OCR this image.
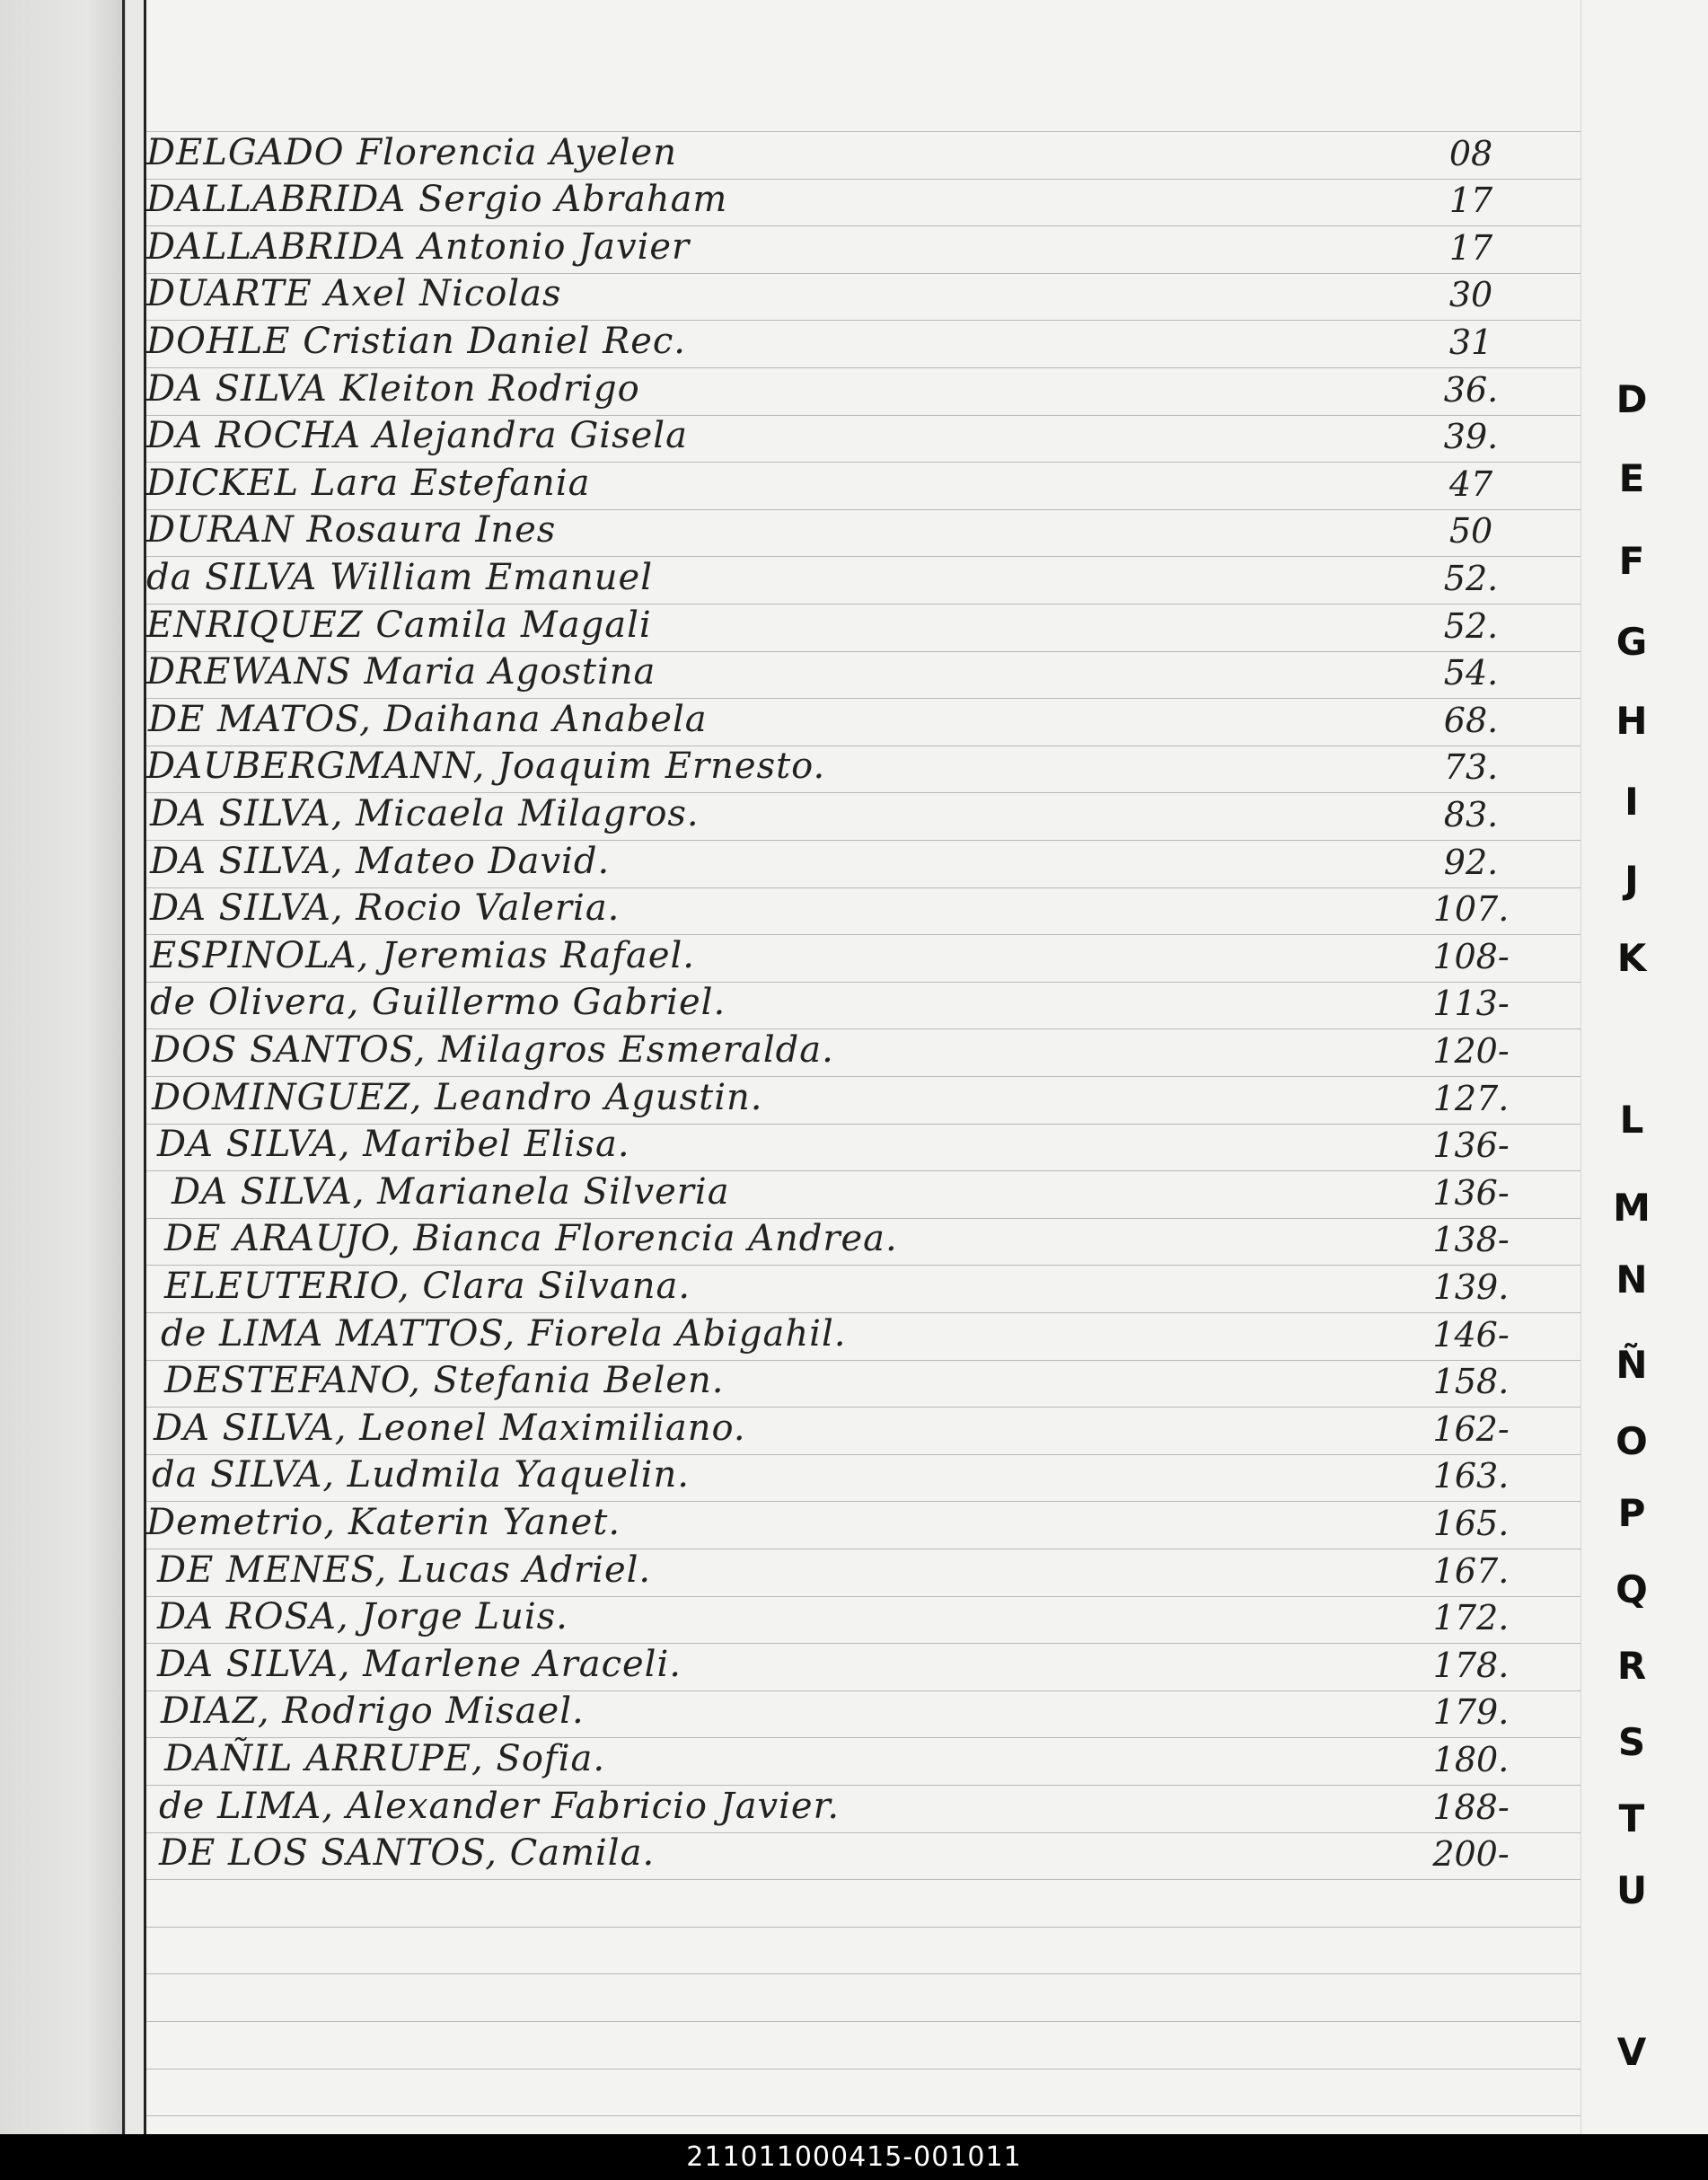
DELGADO Florencia Ayelen	08
DALLABRIDA Sergio Abraham	17
DALLABRIDA Antonio Javier	17
DUARTE Axel Nicolas	30
DOHLE Cristian Daniel Rec.	31
DA SILVA Kleiton Rodrigo	36.
DA ROCHA Alejandra Gisela	39.
DICKEL Lara Estefania	47
DURAN Rosaura Ines	50
da SILVA William Emanuel	52.
ENRIQUEZ Camila Magali	52.
DREWANS Maria Agostina	54.
DE MATOS, Daihana Anabela	68.
DAUBERGMANN, Joaquim Ernesto.	73.
DA SILVA, Micaela Milagros.	83.
DA SILVA, Mateo David.	92.
DA SILVA, Rocio Valeria.	107.
ESPINOLA, Jeremias Rafael.	108-
de Olivera, Guillermo Gabriel.	113-
DOS SANTOS, Milagros Esmeralda.	120-
DOMINGUEZ, Leandro Agustin.	127.
DA SILVA, Maribel Elisa.	136-
DA SILVA, Marianela Silveria	136-
DE ARAUJO, Bianca Florencia Andrea.	138-
ELEUTERIO, Clara Silvana.	139.
de LIMA MATTOS, Fiorela Abigahil.	146-
DESTEFANO, Stefania Belen.	158.
DA SILVA, Leonel Maximiliano.	162-
da SILVA, Ludmila Yaquelin.	163.
Demetrio, Katerin Yanet.	165.
DE MENES, Lucas Adriel.	167.
DA ROSA, Jorge Luis.	172.
DA SILVA, Marlene Araceli.	178.
DIAZ, Rodrigo Misael.	179.
DAÑIL ARRUPE, Sofia.	180.
de LIMA, Alexander Fabricio Javier.	188-
DE LOS SANTOS, Camila.	200-
D
E
F
G
H
I
J
K
L
M
N
Ñ
O
P
Q
R
S
T
U
V
211011000415-001011
